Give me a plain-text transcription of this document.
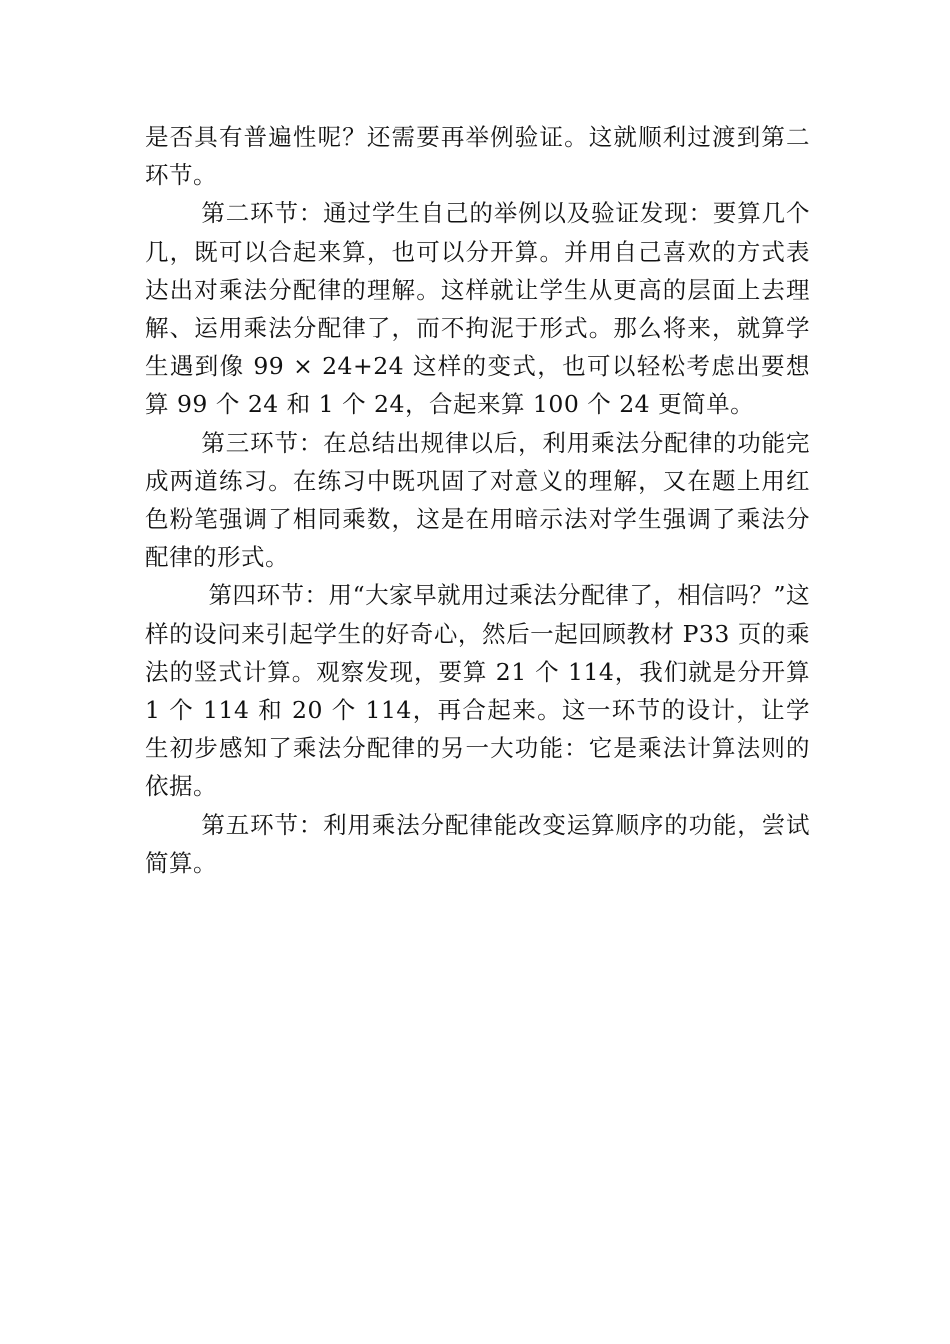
是否具有普遍性呢？还需要再举例验证。这就顺利过渡到第二环节。

第二环节：通过学生自己的举例以及验证发现：要算几个几，既可以合起来算，也可以分开算。并用自己喜欢的方式表达出对乘法分配律的理解。这样就让学生从更高的层面上去理解、运用乘法分配律了，而不拘泥于形式。那么将来，就算学生遇到像 99 × 24+24 这样的变式，也可以轻松考虑出要想算 99 个 24 和 1 个 24，合起来算 100 个 24 更简单。

第三环节：在总结出规律以后，利用乘法分配律的功能完成两道练习。在练习中既巩固了对意义的理解，又在题上用红色粉笔强调了相同乘数，这是在用暗示法对学生强调了乘法分配律的形式。

第四环节：用“大家早就用过乘法分配律了，相信吗？”这样的设问来引起学生的好奇心，然后一起回顾教材 P33 页的乘法的竖式计算。观察发现，要算 21 个 114，我们就是分开算 1 个 114 和 20 个 114，再合起来。这一环节的设计，让学生初步感知了乘法分配律的另一大功能：它是乘法计算法则的依据。

第五环节：利用乘法分配律能改变运算顺序的功能，尝试简算。
